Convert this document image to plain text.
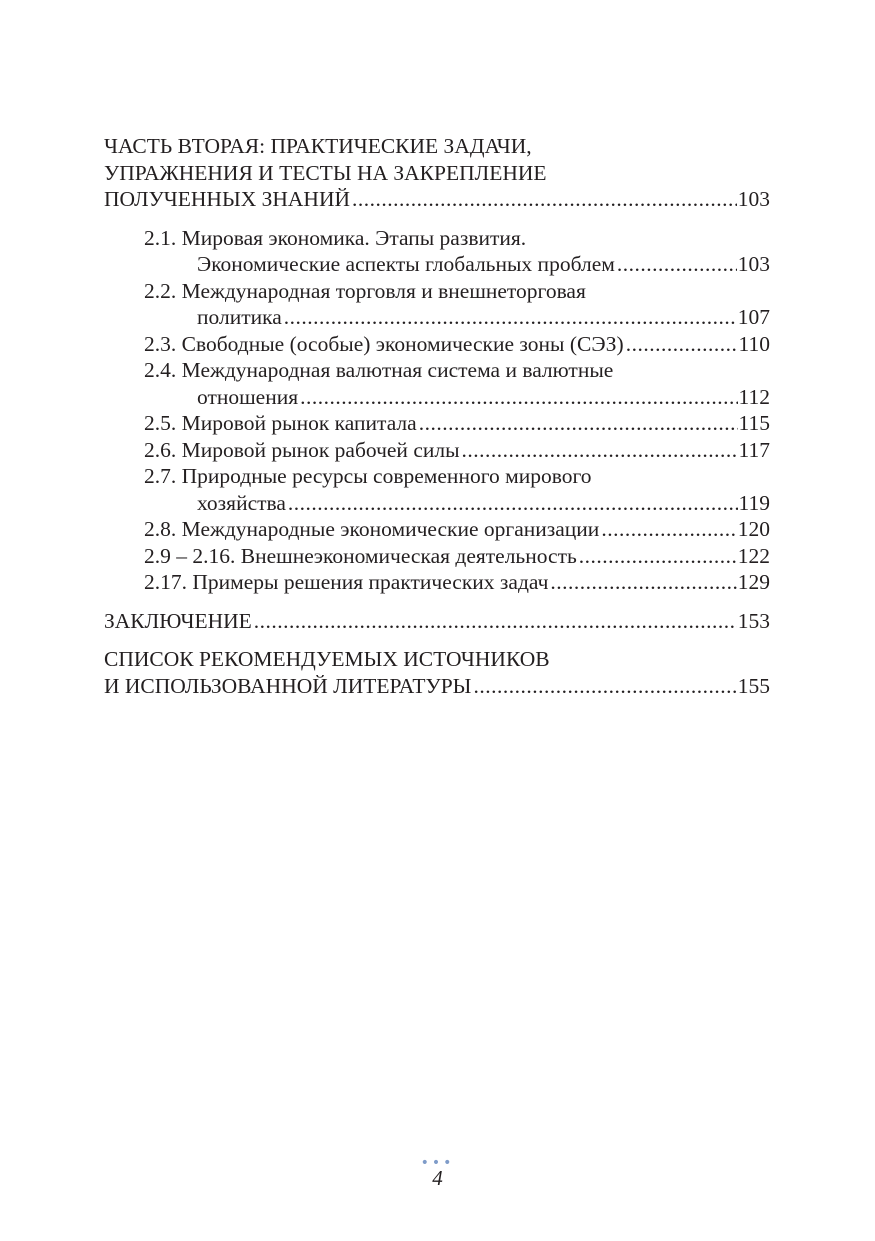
ЧАСТЬ ВТОРАЯ: ПРАКТИЧЕСКИЕ ЗАДАЧИ,
УПРАЖНЕНИЯ И ТЕСТЫ НА ЗАКРЕПЛЕНИЕ
ПОЛУЧЕННЫХ ЗНАНИЙ .....	103
2.1. Мировая экономика. Этапы развития.
Экономические аспекты глобальных проблем .....	103
2.2. Международная торговля и внешнеторговая
политика .....	107
2.3. Свободные (особые) экономические зоны (СЭЗ) .....	110
2.4. Международная валютная система и валютные
отношения .....	112
2.5. Мировой рынок капитала .....	115
2.6. Мировой рынок рабочей силы .....	117
2.7. Природные ресурсы современного мирового
хозяйства .....	119
2.8. Международные экономические организации .....	120
2.9 – 2.16. Внешнеэкономическая деятельность .....	122
2.17. Примеры решения практических задач .....	129
ЗАКЛЮЧЕНИЕ .....	153
СПИСОК РЕКОМЕНДУЕМЫХ ИСТОЧНИКОВ
И ИСПОЛЬЗОВАННОЙ ЛИТЕРАТУРЫ .....	155
•••
4
